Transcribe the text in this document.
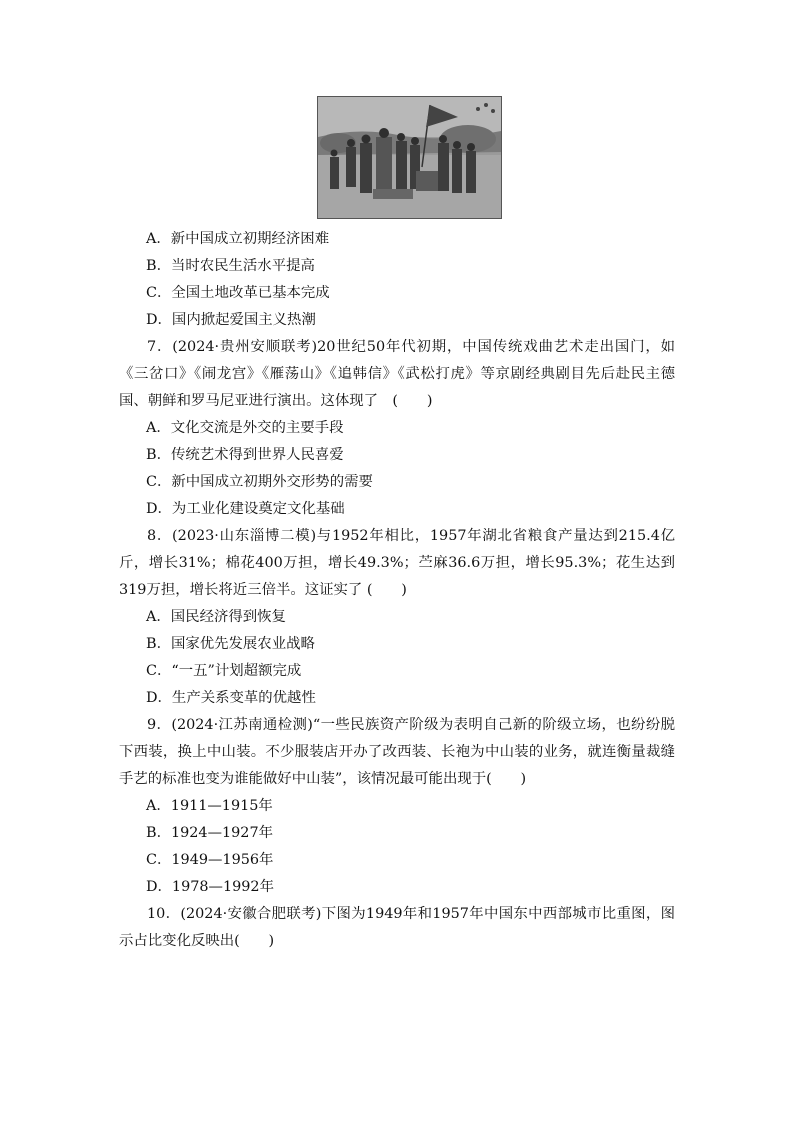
A．新中国成立初期经济困难
B．当时农民生活水平提高
C．全国土地改革已基本完成
D．国内掀起爱国主义热潮
7．(2024·贵州安顺联考)20世纪50年代初期，中国传统戏曲艺术走出国门，如《三岔口》《闹龙宫》《雁荡山》《追韩信》《武松打虎》等京剧经典剧目先后赴民主德国、朝鲜和罗马尼亚进行演出。这体现了　(　　)
A．文化交流是外交的主要手段
B．传统艺术得到世界人民喜爱
C．新中国成立初期外交形势的需要
D．为工业化建设奠定文化基础
8．(2023·山东淄博二模)与1952年相比，1957年湖北省粮食产量达到215.4亿斤，增长31%；棉花400万担，增长49.3%；苎麻36.6万担，增长95.3%；花生达到319万担，增长将近三倍半。这证实了 (　　)
A．国民经济得到恢复
B．国家优先发展农业战略
C．“一五”计划超额完成
D．生产关系变革的优越性
9．(2024·江苏南通检测)“一些民族资产阶级为表明自己新的阶级立场，也纷纷脱下西装，换上中山装。不少服装店开办了改西装、长袍为中山装的业务，就连衡量裁缝手艺的标准也变为谁能做好中山装”，该情况最可能出现于(　　)
A．1911—1915年
B．1924—1927年
C．1949—1956年
D．1978—1992年
10．(2024·安徽合肥联考)下图为1949年和1957年中国东中西部城市比重图，图示占比变化反映出(　　)
